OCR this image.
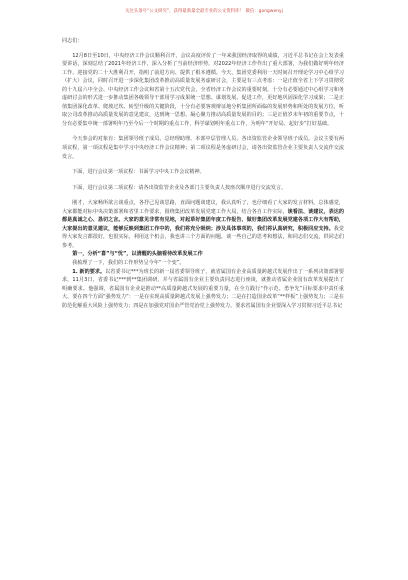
关注头条号“公文研究”，获得最新最全最专业的公文资料库！ 微信：gongwenyj

同志们：

12月8日至10日，中央经济工作会议顺利召开，会议高度评价了一年来我国经济取得的成绩，习近平总书记在会上发表重要讲话，深刻总结了2021年经济工作，深入分析了当前经济形势，对2022年经济工作作出了重大部署，为我们做好明年经济工作、迎接党的二十大胜利召开，指明了前进方向、提供了根本遵循。今天，集团党委利用一天时间召开理论学习中心组学习（扩大）会议，同时召开进一步深化集团改革推动高质量发展务虚研讨会，主要是有三点考虑：一是正值全省上下学习贯彻党的十九届六中全会、中央经济工作会议和省第十五次党代会，全省经济工作会议的重要时刻，十分有必要通过中心组学习和务虚研讨会的形式进一步推动集团各级领导干部用学习成果统一思想、谋划发展、促进工作，更好地巩固深化学习成果；二是正值集团深化改革、爬坡过坎、转型升级的关键阶段，十分有必要客观辩证地分析集团所面临的发展形势和所处的发展方位，听取公司改革推动高质量发展的意见建议，达到统一思想、凝心聚力推动高质量发展的目的；三是正值岁末年初的重要节点，十分有必要集中统一部署明年乃至今后一个时期的重点工作，科学谋划明年重点工作，为明年“开好局、起好步”打好基础。

今天参会的对象有：集团领导班子成员、总经理助理、本部中层管理人员、各出资监管企业领导班子成员。会议主要有两项议程，第一项议程是集中学习中央经济工作会议精神；第二项议程是务虚研讨会，请各出资监管企业主要负责人交流作交流发言。

下面，进行会议第一项议程：书面学习中央工作会议精神。

下面，进行会议第二项议程：请各出资监管企业及各部门主要负责人按座次顺序进行交流发言。

刚才，大家畅所欲言谈重点，各抒己见谈思路，直面问题谈建议，我认真听了，也仔细看了大家的发言材料。总体感觉，大家都能对标中央决策部署和省里工作要求，围绕集团改革发展党建工作大局，结合各自工作实际，谈看法、谈建议，表达的都是真诚之心、恳切之言。大家的意见非常有见地，对起草好集团年度工作报告、做好集团改革发展党建各项工作大有帮助，大家提出的意见建议，能够反映到集团工作中的，我们将充分吸纳；涉及具体事项的，我们将认真研究，积极回应支持。我觉得大家发言都很好，也很实际，利用这个机会，我也讲三个方面的问题，谈一些自己的思考和想法，和同志们交流，供同志们参考。

第一，分析“喜”与“忧”，以清醒的头脑看待改革发展工作

我梳理了一下，我们的工作形势呈今年“一个变”。

1. 新的要求。以省委书记***为班长的新一届省委领导班子，就省属国有企业高质量跨越式发展作出了一系列决策部署要求，11月3日，省委书记***到**集团调研，并与省属国有企业主要负责同志进行座谈，就推动省属企业国有改革发展提出了明确要求。他强调，省属国有企业是推动**高质量跨越式发展的重要力量，在全力践行“作示范、勇争先”目标要求中责任重大、要在四个方面“强势发力”：一是在实现高质量跨越式发展上强势发力；二是在打造国企改革“**样板”上强势发力；三是在防范化解重大风险上强势发力；四是在加强党对国企严管党治党上强势发力。要求省属国有企业要深入学习贯彻习近平总书记
